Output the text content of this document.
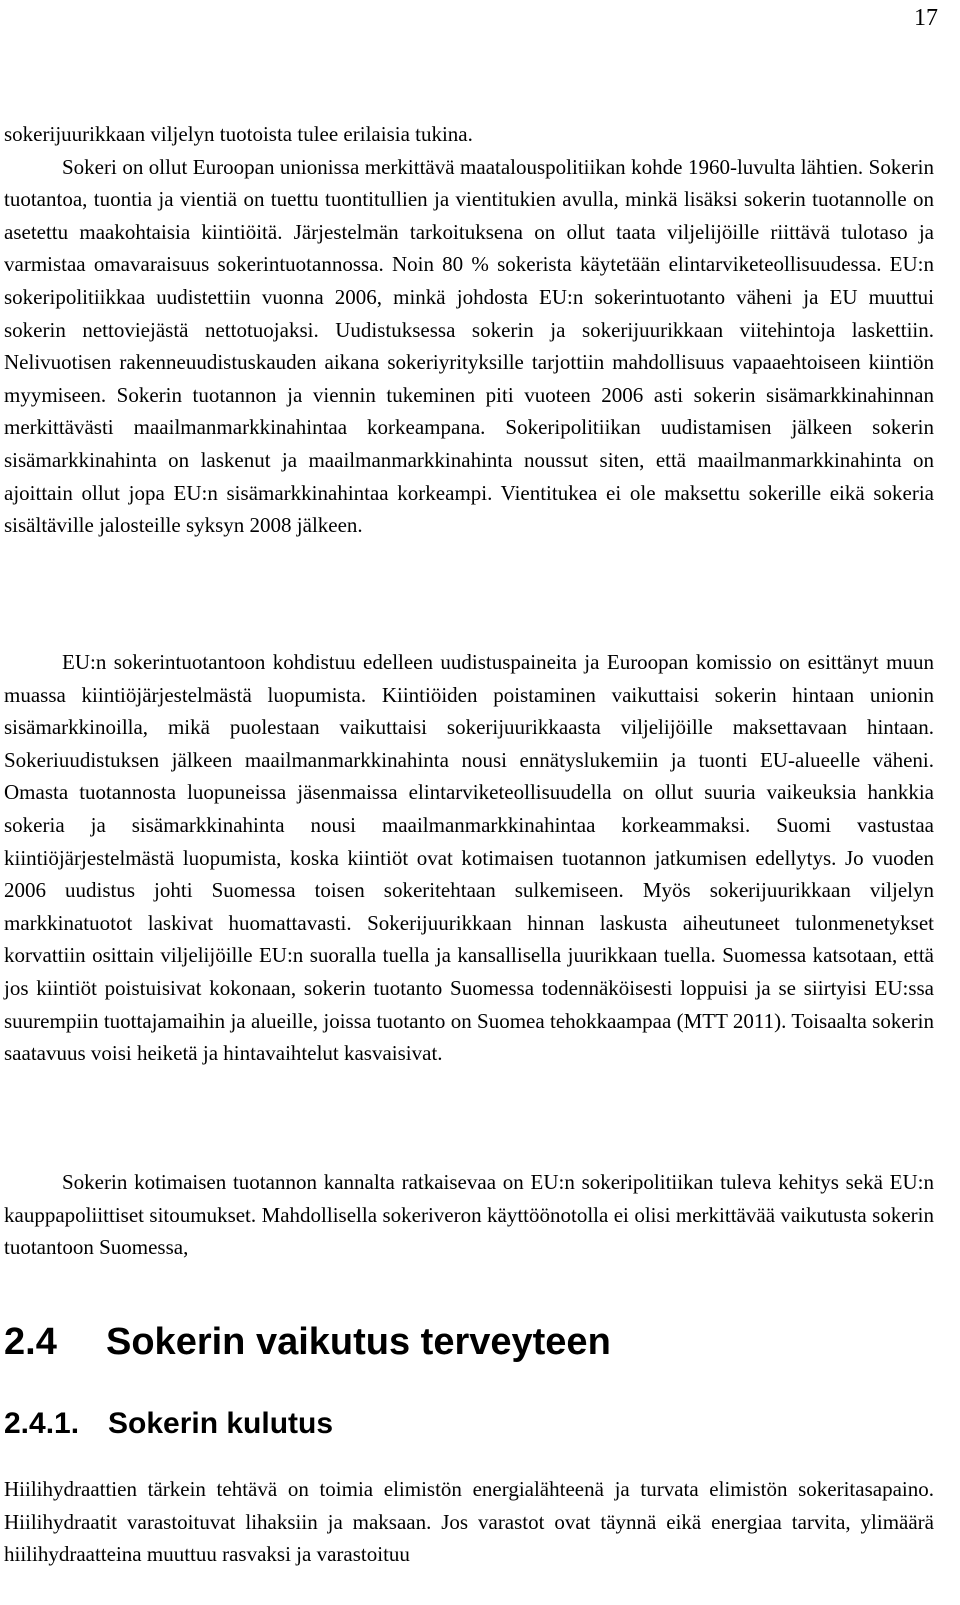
17

sokerijuurikkaan viljelyn tuotoista tulee erilaisia tukina.

Sokeri on ollut Euroopan unionissa merkittävä maatalouspolitiikan kohde 1960-luvulta lähtien. Sokerin tuotantoa, tuontia ja vientiä on tuettu tuontitullien ja vientitukien avulla, minkä lisäksi sokerin tuotannolle on asetettu maakohtaisia kiintiöitä. Järjestelmän tarkoituksena on ollut taata viljelijöille riittävä tulotaso ja varmistaa omavaraisuus sokerintuotannossa. Noin 80 % sokerista käytetään elintarviketeollisuudessa. EU:n sokeripolitiikkaa uudistettiin vuonna 2006, minkä johdosta EU:n sokerintuotanto väheni ja EU muuttui sokerin nettoviejästä nettotuojaksi. Uudistuksessa sokerin ja sokerijuurikkaan viitehintoja laskettiin. Nelivuotisen rakenneuudistuskauden aikana sokeriyrityksille tarjottiin mahdollisuus vapaaehtoiseen kiintiön myymiseen. Sokerin tuotannon ja viennin tukeminen piti vuoteen 2006 asti sokerin sisämarkkinahinnan merkittävästi maailmanmarkkinahintaa korkeampana. Sokeripolitiikan uudistamisen jälkeen sokerin sisämarkkinahinta on laskenut ja maailmanmarkkinahinta noussut siten, että maailmanmarkkinahinta on ajoittain ollut jopa EU:n sisämarkkinahintaa korkeampi. Vientitukea ei ole maksettu sokerille eikä sokeria sisältäville jalosteille syksyn 2008 jälkeen.

EU:n sokerintuotantoon kohdistuu edelleen uudistuspaineita ja Euroopan komissio on esittänyt muun muassa kiintiöjärjestelmästä luopumista. Kiintiöiden poistaminen vaikuttaisi sokerin hintaan unionin sisämarkkinoilla, mikä puolestaan vaikuttaisi sokerijuurikkaasta viljelijöille maksettavaan hintaan. Sokeriuudistuksen jälkeen maailmanmarkkinahinta nousi ennätyslukemiin ja tuonti EU-alueelle väheni. Omasta tuotannosta luopuneissa jäsenmaissa elintarviketeollisuudella on ollut suuria vaikeuksia hankkia sokeria ja sisämarkkinahinta nousi maailmanmarkkinahintaa korkeammaksi. Suomi vastustaa kiintiöjärjestelmästä luopumista, koska kiintiöt ovat kotimaisen tuotannon jatkumisen edellytys. Jo vuoden 2006 uudistus johti Suomessa toisen sokeritehtaan sulkemiseen. Myös sokerijuurikkaan viljelyn markkinatuotot laskivat huomattavasti. Sokerijuurikkaan hinnan laskusta aiheutuneet tulonmenetykset korvattiin osittain viljelijöille EU:n suoralla tuella ja kansallisella juurikkaan tuella. Suomessa katsotaan, että jos kiintiöt poistuisivat kokonaan, sokerin tuotanto Suomessa todennäköisesti loppuisi ja se siirtyisi EU:ssa suurempiin tuottajamaihin ja alueille, joissa tuotanto on Suomea tehokkaampaa (MTT 2011). Toisaalta sokerin saatavuus voisi heiketä ja hintavaihtelut kasvaisivat.

Sokerin kotimaisen tuotannon kannalta ratkaisevaa on EU:n sokeripolitiikan tuleva kehitys sekä EU:n kauppapoliittiset sitoumukset. Mahdollisella sokeriveron käyttöönotolla ei olisi merkittävää vaikutusta sokerin tuotantoon Suomessa,

2.4 Sokerin vaikutus terveyteen
2.4.1. Sokerin kulutus

Hiilihydraattien tärkein tehtävä on toimia elimistön energialähteenä ja turvata elimistön sokeritasapaino. Hiilihydraatit varastoituvat lihaksiin ja maksaan. Jos varastot ovat täynnä eikä energiaa tarvita, ylimäärä hiilihydraatteina muuttuu rasvaksi ja varastoituu
